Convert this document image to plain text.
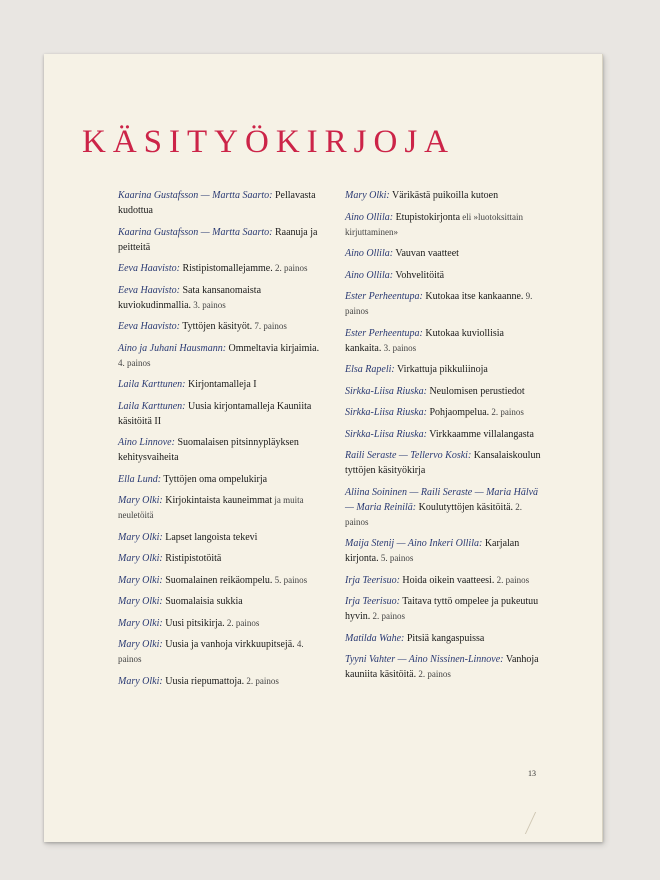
KÄSITYÖKIRJOJA

Kaarina Gustafsson — Martta Saarto: Pellavasta kudottua

Kaarina Gustafsson — Martta Saarto: Raanuja ja peitteitä

Eeva Haavisto: Ristipistomallejamme. 2. painos

Eeva Haavisto: Sata kansanomaista kuviokudinmallia. 3. painos

Eeva Haavisto: Tyttöjen käsityöt. 7. painos

Aino ja Juhani Hausmann: Ommeltavia kirjaimia. 4. painos

Laila Karttunen: Kirjontamalleja I

Laila Karttunen: Uusia kirjontamalleja Kauniita käsitöitä II

Aino Linnove: Suomalaisen pitsinnypläyksen kehitysvaiheita

Ella Lund: Tyttöjen oma ompelukirja

Mary Olki: Kirjokintaista kauneimmat ja muita neuletöitä

Mary Olki: Lapset langoista tekevi

Mary Olki: Ristipistotöitä

Mary Olki: Suomalainen reikäompelu. 5. painos

Mary Olki: Suomalaisia sukkia

Mary Olki: Uusi pitsikirja. 2. painos

Mary Olki: Uusia ja vanhoja virkkuupitsejä. 4. painos

Mary Olki: Uusia riepumattoja. 2. painos

Mary Olki: Värikästä puikoilla kutoen

Aino Ollila: Etupistokirjonta eli »luotoksittain kirjuttaminen»

Aino Ollila: Vauvan vaatteet

Aino Ollila: Vohvelitöitä

Ester Perheentupa: Kutokaa itse kankaanne. 9. painos

Ester Perheentupa: Kutokaa kuviollisia kankaita. 3. painos

Elsa Rapeli: Virkattuja pikkuliinoja

Sirkka-Liisa Riuska: Neulomisen perustiedot

Sirkka-Liisa Riuska: Pohjaompelua. 2. painos

Sirkka-Liisa Riuska: Virkkaamme villalangasta

Raili Seraste — Tellervo Koski: Kansalaiskoulun tyttöjen käsityökirja

Aliina Soininen — Raili Seraste — Maria Hälvä — Maria Reinilä: Koulutyttöjen käsitöitä. 2. painos

Maija Stenij — Aino Inkeri Ollila: Karjalan kirjonta. 5. painos

Irja Teerisuo: Hoida oikein vaatteesi. 2. painos

Irja Teerisuo: Taitava tyttö ompelee ja pukeutuu hyvin. 2. painos

Matilda Wahe: Pitsiä kangaspuissa

Tyyni Vahter — Aino Nissinen-Linnove: Vanhoja kauniita käsitöitä. 2. painos

13
